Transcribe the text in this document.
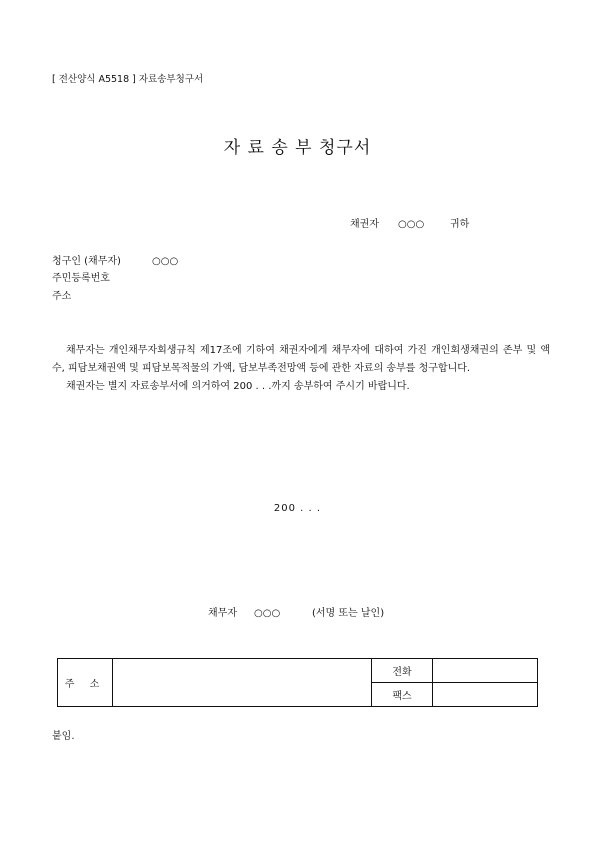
[ 전산양식 A5518 ] 자료송부청구서
자 료 송 부 청구서
채권자 ○○○	귀하
청구인 (채무자)	○○○
주민등록번호
주소

채무자는 개인채무자회생규칙 제17조에 기하여 채권자에게 채무자에 대하여 가진 개인회생채권의 존부 및 액수, 피담보채권액 및 피담보목적물의 가액, 담보부족전망액 등에 관한 자료의 송부를 청구합니다.

채권자는 별지 자료송부서에 의거하여 200 . . .까지 송부하여 주시기 바랍니다.

200 . . .
채무자 ○○○	(서명 또는 날인)
주 소		전화	
		팩스	
붙임.
